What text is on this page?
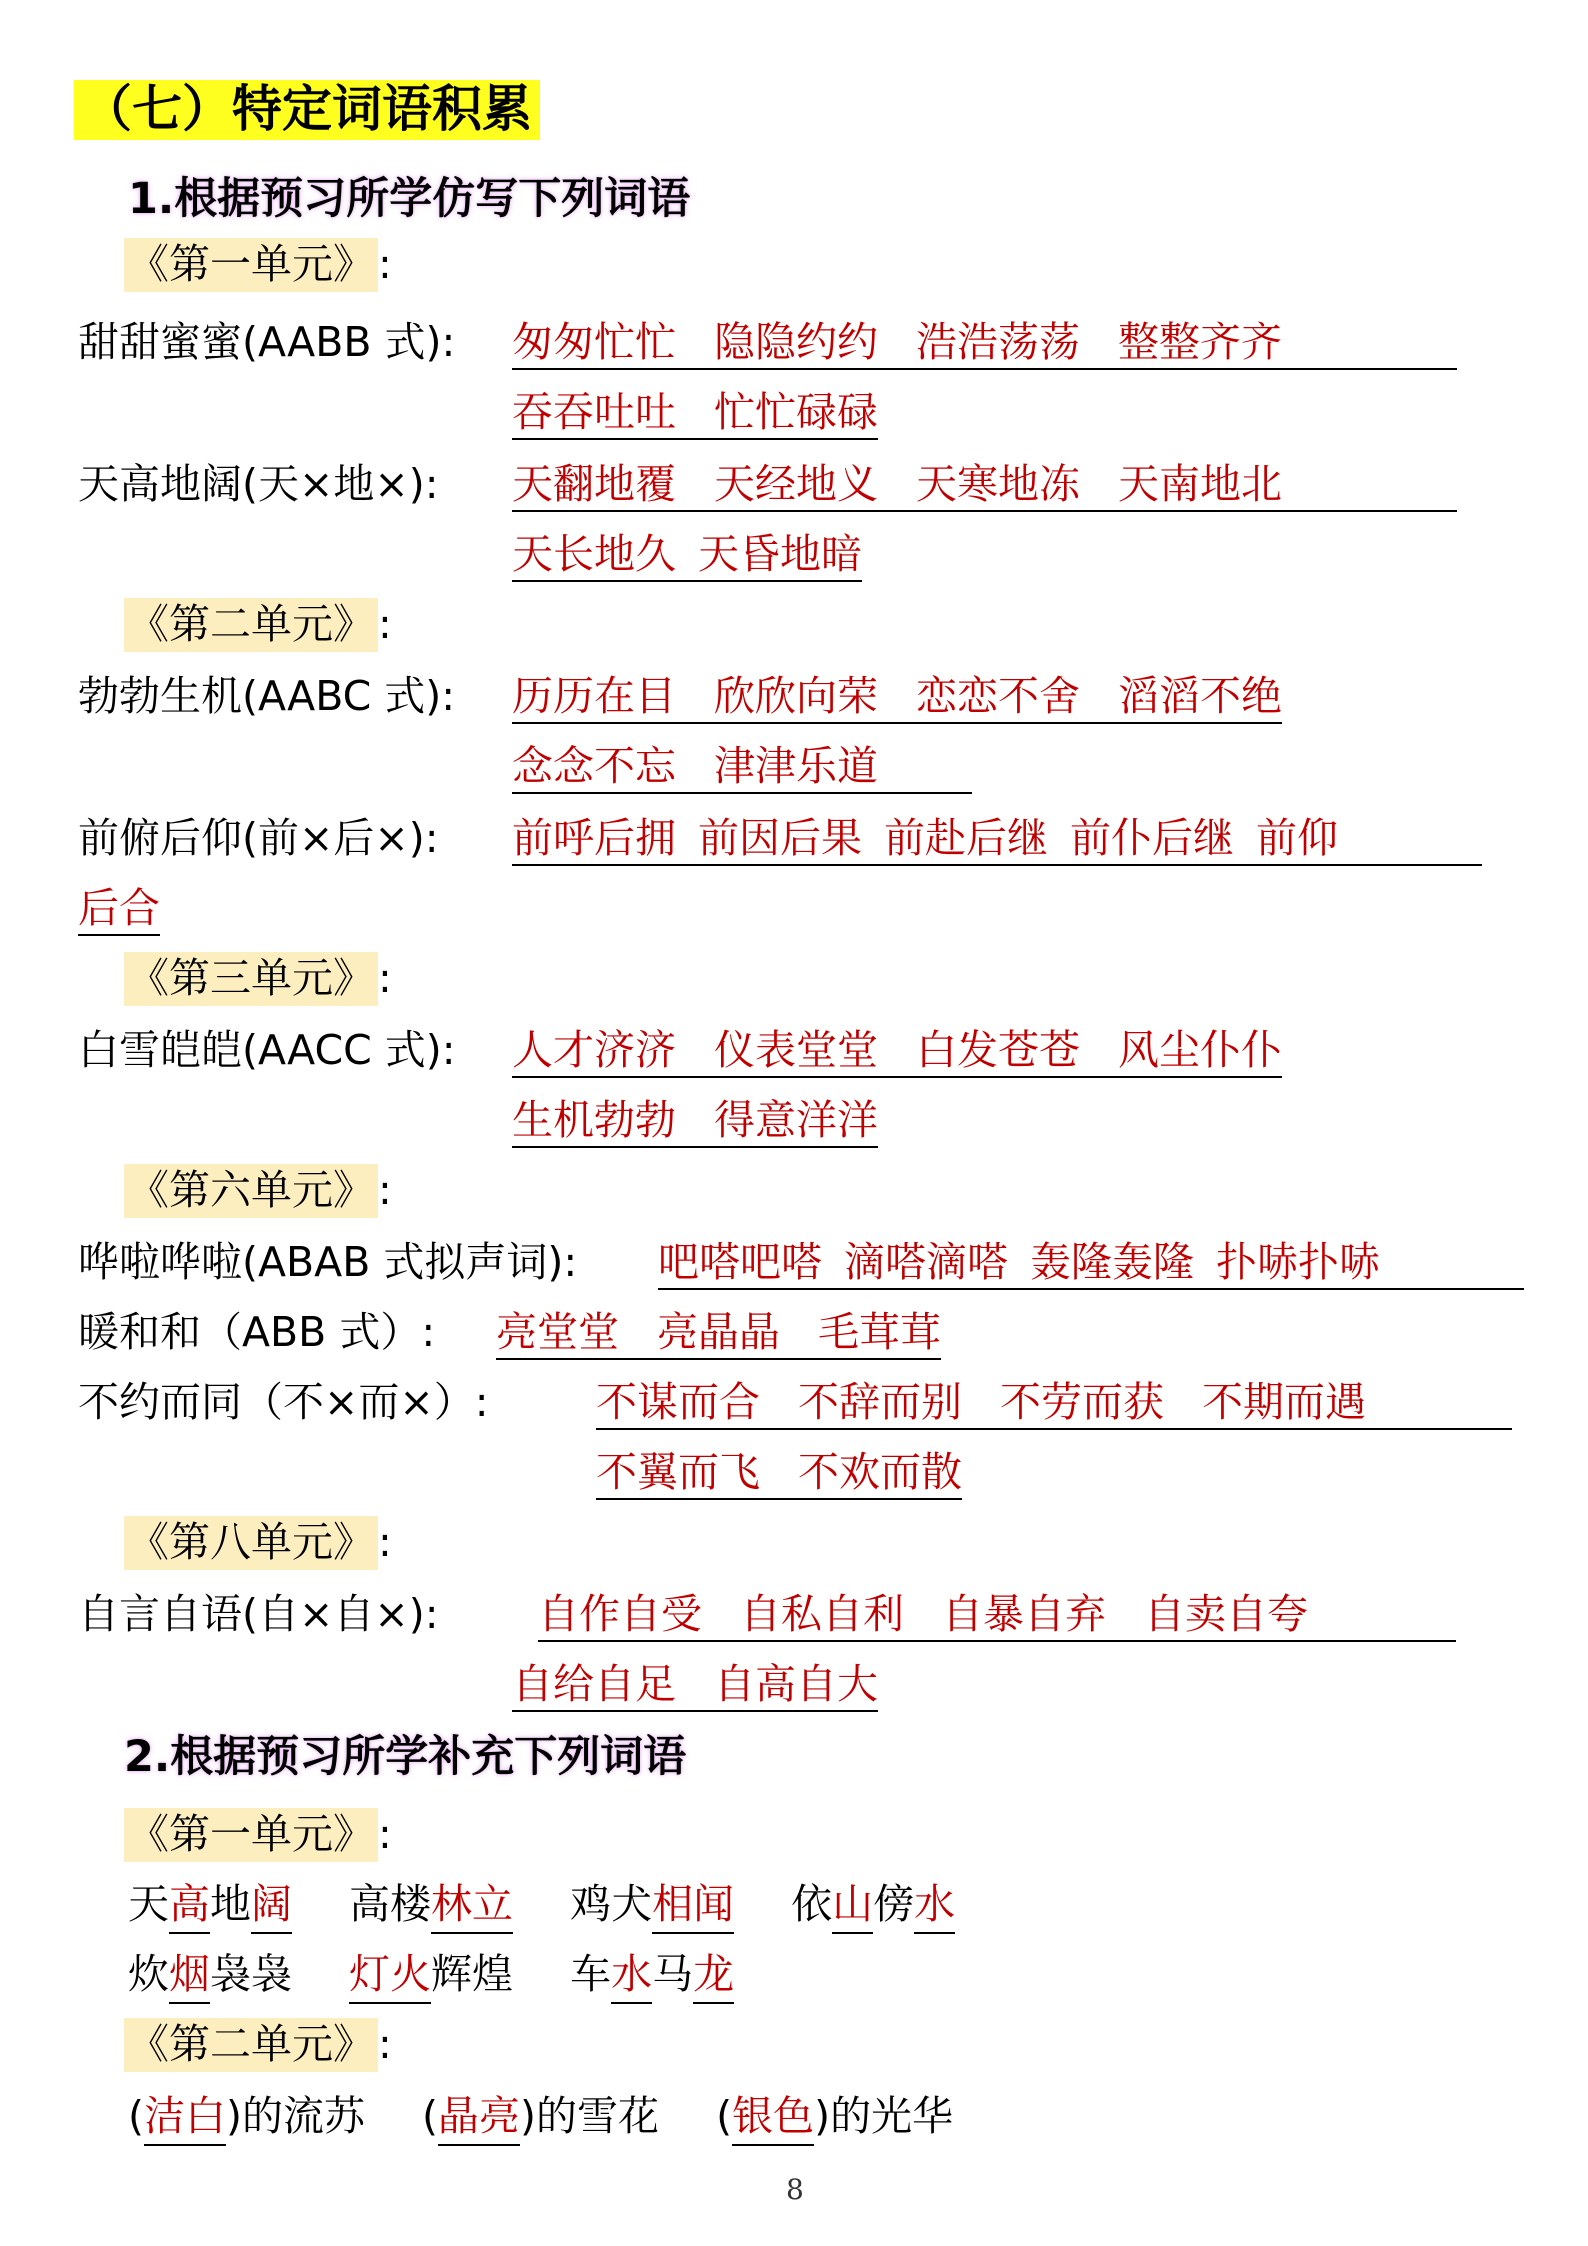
（七）特定词语积累
1.根据预习所学仿写下列词语
《第一单元》:
甜甜蜜蜜(AABB 式): 匆匆忙忙 隐隐约约 浩浩荡荡 整整齐齐
吞吞吐吐 忙忙碌碌
天高地阔(天×地×): 天翻地覆 天经地义 天寒地冻 天南地北
天长地久 天昏地暗
《第二单元》:
勃勃生机(AABC 式): 历历在目 欣欣向荣 恋恋不舍 滔滔不绝
念念不忘 津津乐道
前俯后仰(前×后×): 前呼后拥 前因后果 前赴后继 前仆后继 前仰
后合
《第三单元》:
白雪皑皑(AACC 式): 人才济济 仪表堂堂 白发苍苍 风尘仆仆
生机勃勃 得意洋洋
《第六单元》:
哗啦哗啦(ABAB 式拟声词): 吧嗒吧嗒 滴嗒滴嗒 轰隆轰隆 扑哧扑哧
暖和和（ABB 式）: 亮堂堂 亮晶晶 毛茸茸
不约而同（不×而×）:	不谋而合 不辞而别 不劳而获 不期而遇
不翼而飞 不欢而散
《第八单元》:
自言自语(自×自×): 自作自受 自私自利 自暴自弃 自卖自夸
自给自足 自高自大
2.根据预习所学补充下列词语
《第一单元》:
天高地阔 高楼林立 鸡犬相闻 依山傍水
炊烟袅袅 灯火辉煌 车水马龙
《第二单元》:
(洁白)的流苏 (晶亮)的雪花 (银色)的光华
8
